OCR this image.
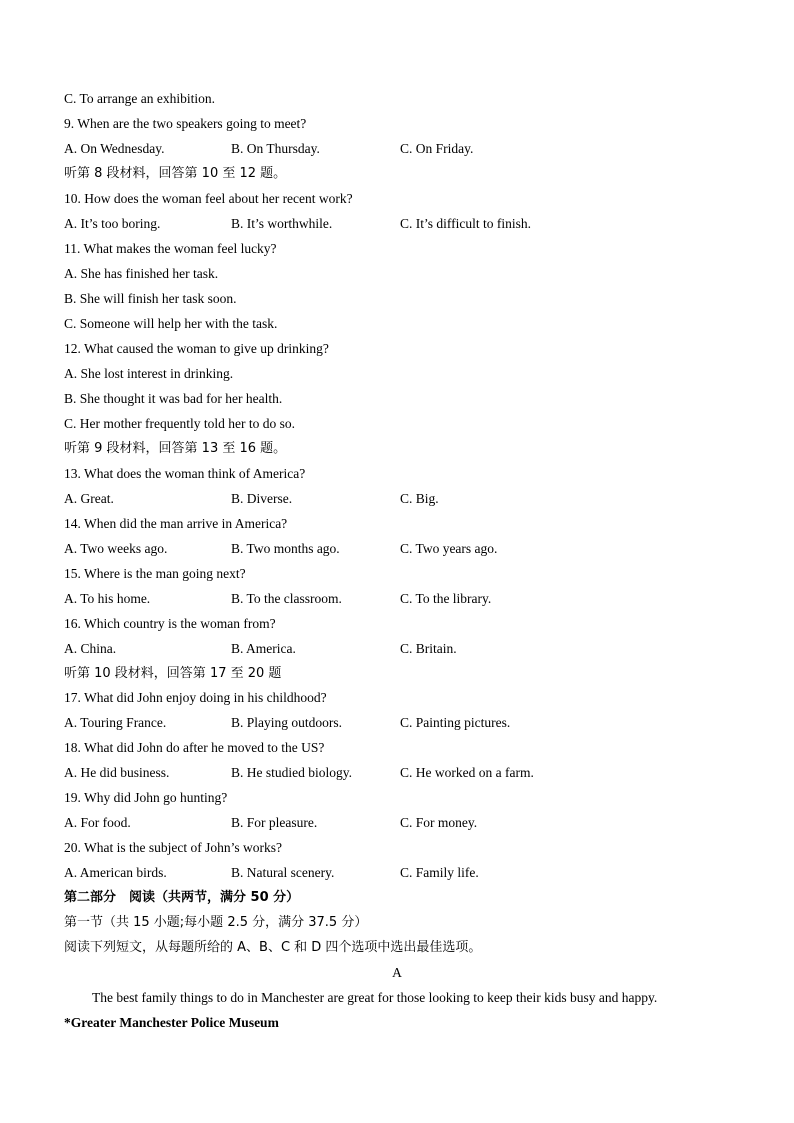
C. To arrange an exhibition.
9. When are the two speakers going to meet?
A. On Wednesday.	B. On Thursday.	C. On Friday.
听第 8 段材料，回答第 10 至 12 题。
10. How does the woman feel about her recent work?
A. It’s too boring.	B. It’s worthwhile.	C. It’s difficult to finish.
11. What makes the woman feel lucky?
A. She has finished her task.
B. She will finish her task soon.
C. Someone will help her with the task.
12. What caused the woman to give up drinking?
A. She lost interest in drinking.
B. She thought it was bad for her health.
C. Her mother frequently told her to do so.
听第 9 段材料，回答第 13 至 16 题。
13. What does the woman think of America?
A. Great.	B. Diverse.	C. Big.
14. When did the man arrive in America?
A. Two weeks ago.	B. Two months ago.	C. Two years ago.
15. Where is the man going next?
A. To his home.	B. To the classroom.	C. To the library.
16. Which country is the woman from?
A. China.	B. America.	C. Britain.
听第 10 段材料，回答第 17 至 20 题
17. What did John enjoy doing in his childhood?
A. Touring France.	B. Playing outdoors.	C. Painting pictures.
18. What did John do after he moved to the US?
A. He did business.	B. He studied biology.	C. He worked on a farm.
19. Why did John go hunting?
A. For food.	B. For pleasure.	C. For money.
20. What is the subject of John’s works?
A. American birds.	B. Natural scenery.	C. Family life.
第二部分　阅读（共两节，满分 50 分）
第一节（共 15 小题;每小题 2.5 分，满分 37.5 分）
阅读下列短文，从每题所给的 A、B、C 和 D 四个选项中选出最佳选项。
A
The best family things to do in Manchester are great for those looking to keep their kids busy and happy.
*Greater Manchester Police Museum
